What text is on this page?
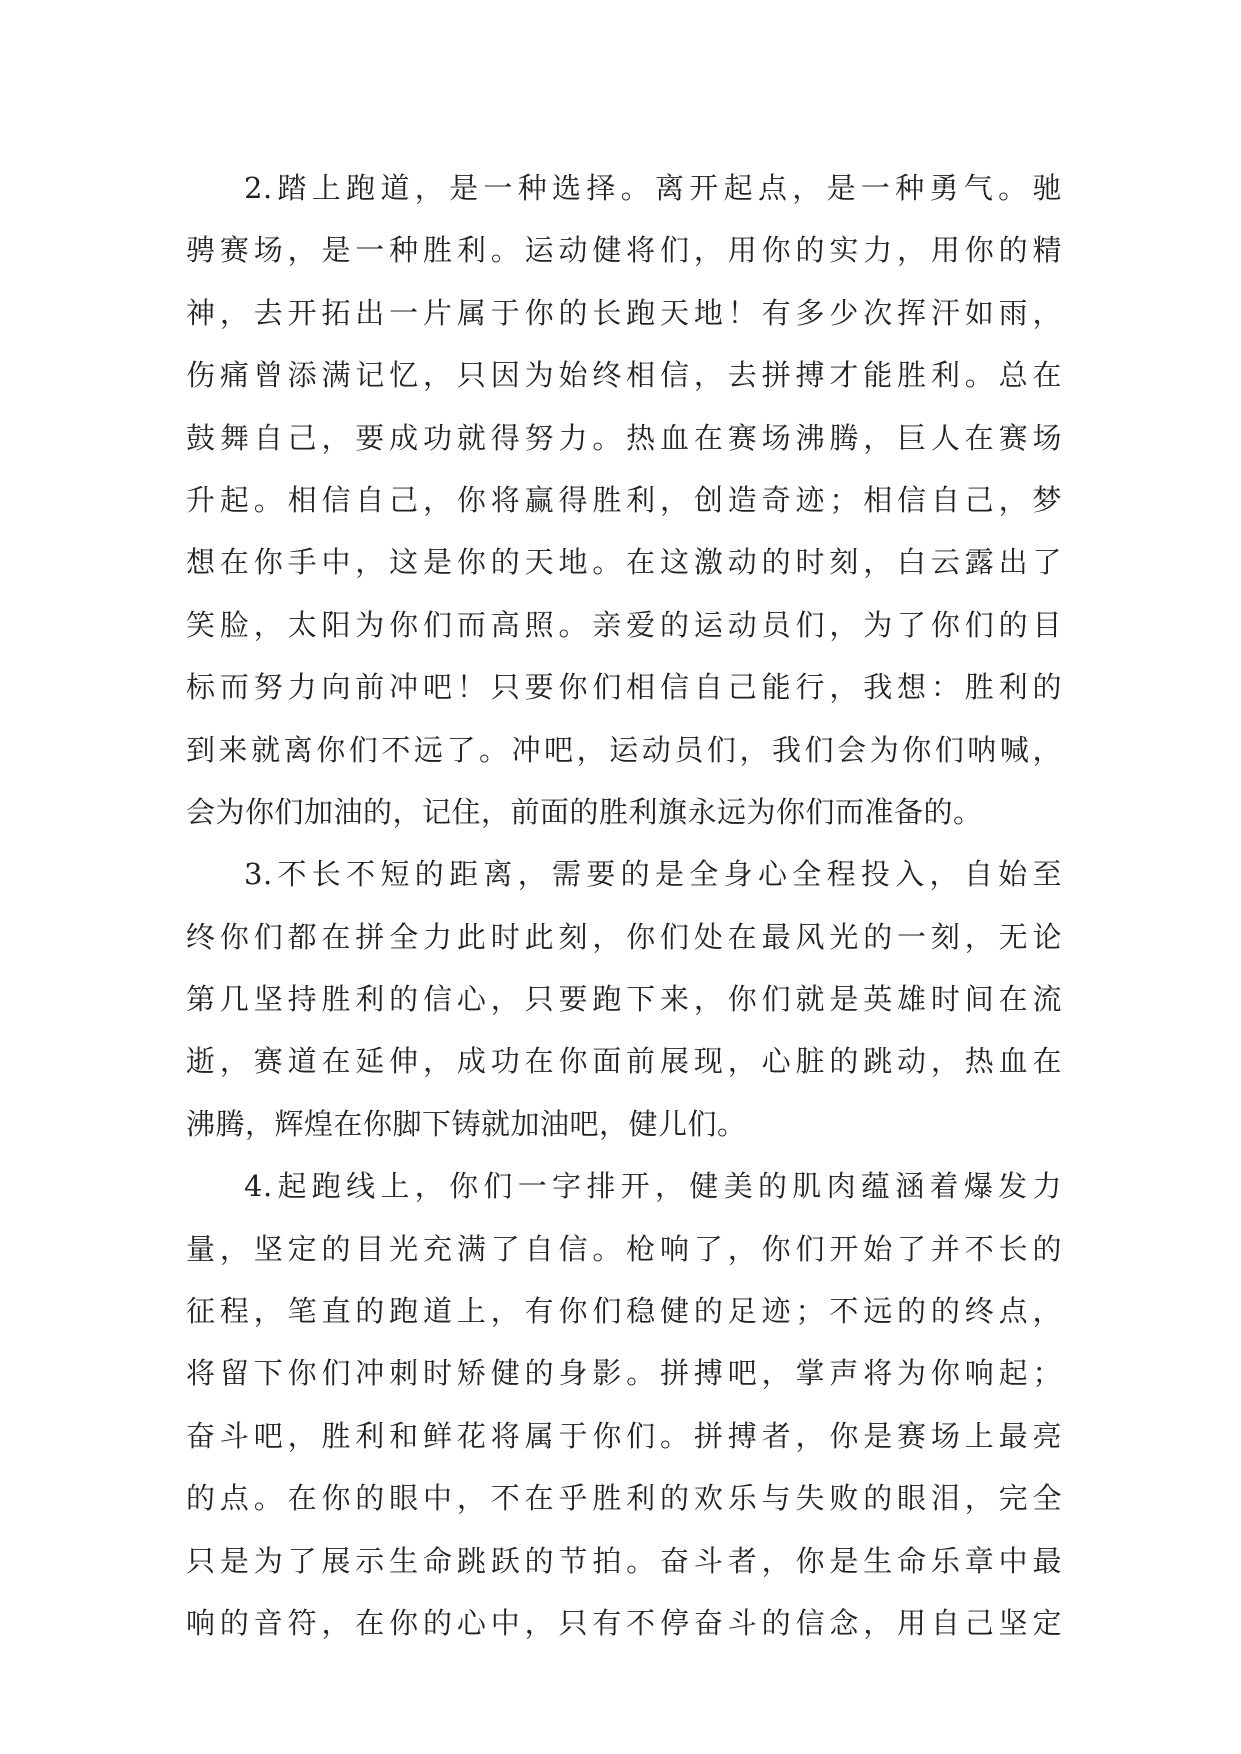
2.踏上跑道，是一种选择。离开起点，是一种勇气。驰
骋赛场，是一种胜利。运动健将们，用你的实力，用你的精
神，去开拓出一片属于你的长跑天地！有多少次挥汗如雨，
伤痛曾添满记忆，只因为始终相信，去拼搏才能胜利。总在
鼓舞自己，要成功就得努力。热血在赛场沸腾，巨人在赛场
升起。相信自己，你将赢得胜利，创造奇迹；相信自己，梦
想在你手中，这是你的天地。在这激动的时刻，白云露出了
笑脸，太阳为你们而高照。亲爱的运动员们，为了你们的目
标而努力向前冲吧！只要你们相信自己能行，我想：胜利的
到来就离你们不远了。冲吧，运动员们，我们会为你们呐喊，
会为你们加油的，记住，前面的胜利旗永远为你们而准备的。
3.不长不短的距离，需要的是全身心全程投入，自始至
终你们都在拼全力此时此刻，你们处在最风光的一刻，无论
第几坚持胜利的信心，只要跑下来，你们就是英雄时间在流
逝，赛道在延伸，成功在你面前展现，心脏的跳动，热血在
沸腾，辉煌在你脚下铸就加油吧，健儿们。
4.起跑线上，你们一字排开，健美的肌肉蕴涵着爆发力
量，坚定的目光充满了自信。枪响了，你们开始了并不长的
征程，笔直的跑道上，有你们稳健的足迹；不远的的终点，
将留下你们冲刺时矫健的身影。拼搏吧，掌声将为你响起；
奋斗吧，胜利和鲜花将属于你们。拼搏者，你是赛场上最亮
的点。在你的眼中，不在乎胜利的欢乐与失败的眼泪，完全
只是为了展示生命跳跃的节拍。奋斗者，你是生命乐章中最
响的音符，在你的心中，只有不停奋斗的信念，用自己坚定
